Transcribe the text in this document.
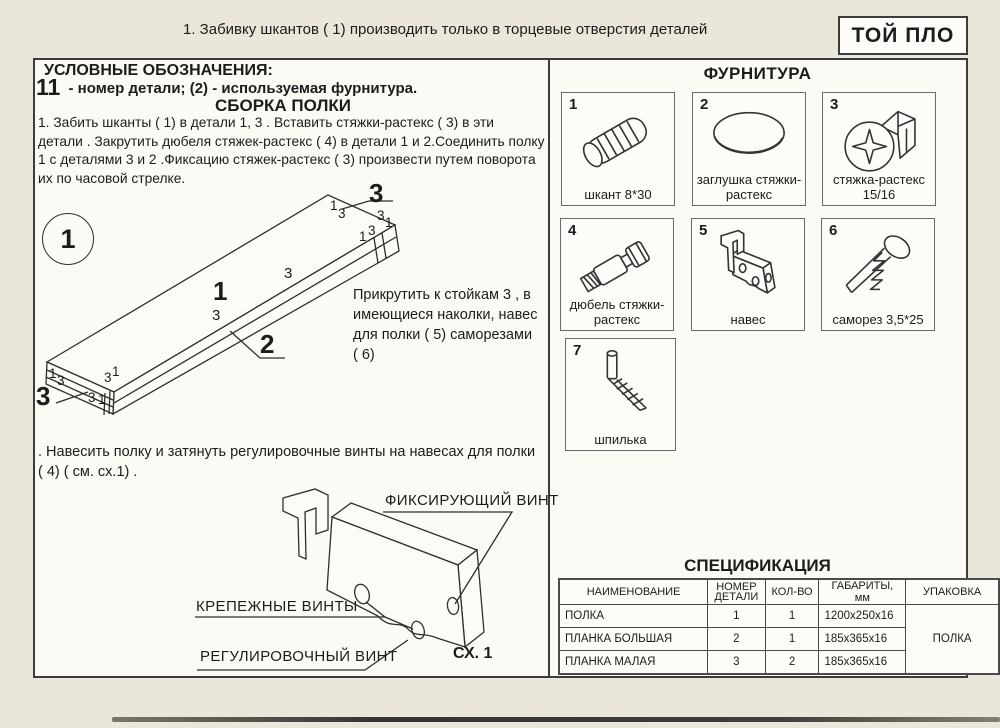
1. Забивку шкантов ( 1) производить только в торцевые отверстия деталей	ТОЙ ПЛО
УСЛОВНЫЕ ОБОЗНАЧЕНИЯ:
11 - номер детали; (2) - используемая фурнитура.
СБОРКА ПОЛКИ
1. Забить шканты ( 1) в детали 1, 3 . Вставить стяжки-растекс ( 3) в эти
детали . Закрутить дюбеля стяжек-растекс ( 4) в детали 1 и 2.Соединить полку
1 с деталями 3 и 2 .Фиксацию стяжек-растекс ( 3) произвести путем поворота
их по часовой стрелке.
1
1
2
3
3
3
3
1
3 3 1
1 3
1 3	3 1
3 1
Прикрутить к стойкам 3 , в
имеющиеся наколки, навес
для полки ( 5) саморезами
( 6)
. Навесить полку и затянуть регулировочные винты на навесах для полки
( 4) ( см. сх.1) .
ФИКСИРУЮЩИЙ ВИНТ
КРЕПЕЖНЫЕ ВИНТЫ
РЕГУЛИРОВОЧНЫЙ ВИНТ	СХ. 1
ФУРНИТУРА
1
шкант 8*30
2
заглушка стяжки-растекс
3
стяжка-растекс 15/16
4
дюбель стяжки-растекс
5
навес
6
саморез 3,5*25
7
шпилька
СПЕЦИФИКАЦИЯ
НАИМЕНОВАНИЕ	НОМЕР ДЕТАЛИ	КОЛ-ВО	ГАБАРИТЫ, мм	УПАКОВКА
ПОЛКА	1	1	1200x250x16	ПОЛКА
ПЛАНКА БОЛЬШАЯ	2	1	185x365x16	
ПЛАНКА МАЛАЯ	3	2	185x365x16	
